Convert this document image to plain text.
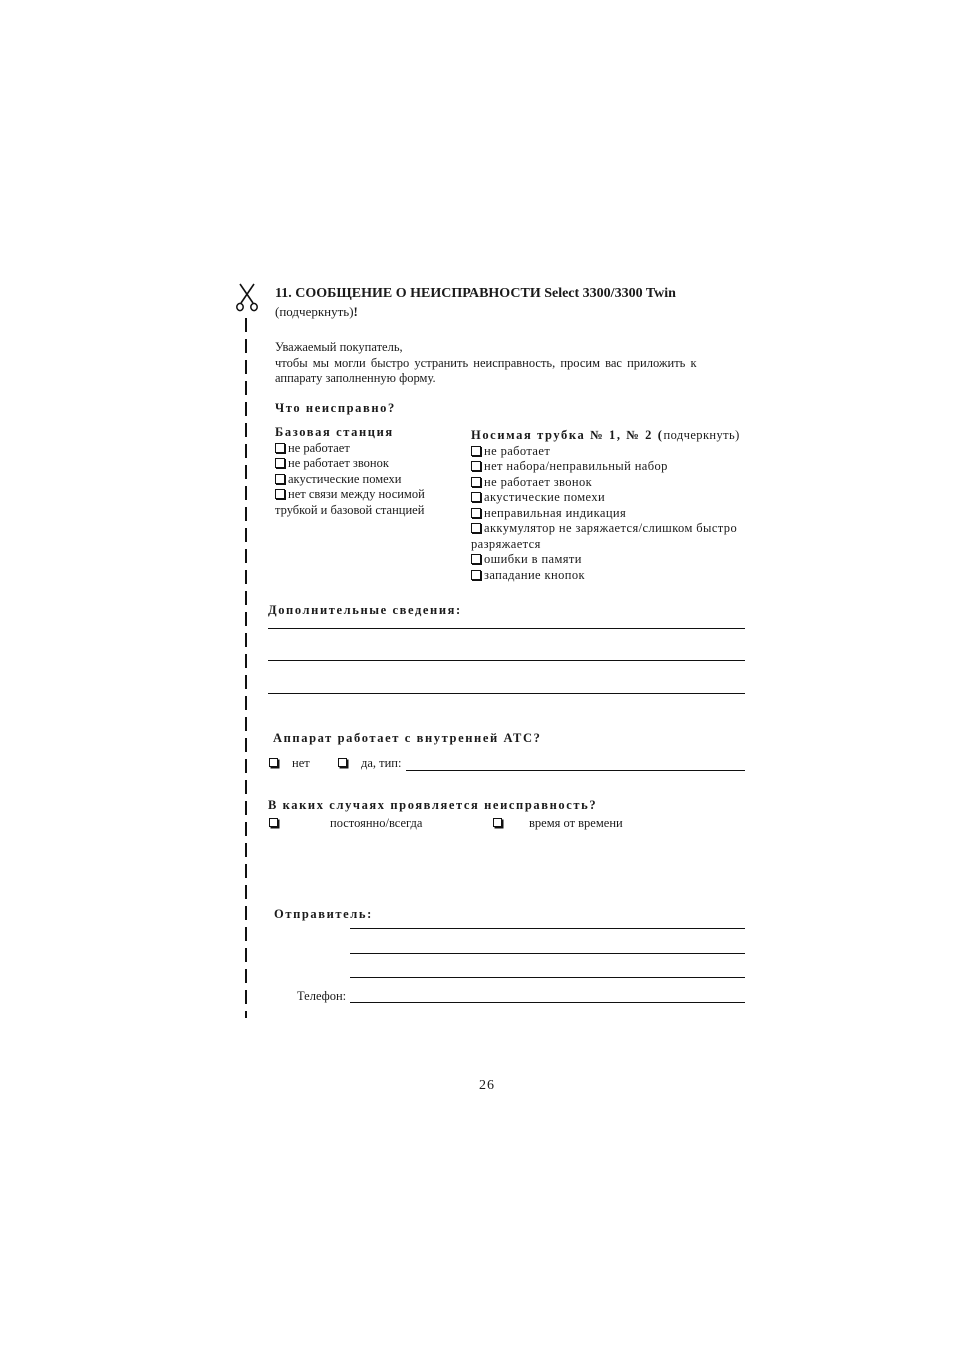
11. СООБЩЕНИЕ О НЕИСПРАВНОСТИ Select 3300/3300 Twin
(подчеркнуть)!
Уважаемый покупатель,
чтобы мы могли быстро устранить неисправность, просим вас приложить к
аппарату заполненную форму.
Что неисправно?
Базовая станция
не работает
не работает звонок
акустические помехи
нет связи между носимой
трубкой и базовой станцией
Носимая трубка № 1, № 2 (подчеркнуть)
не работает
нет набора/неправильный набор
не работает звонок
акустические помехи
неправильная индикация
аккумулятор не заряжается/слишком быстро
разряжается
ошибки в памяти
западание кнопок
Дополнительные сведения:
Аппарат работает с внутренней АТС?
нет	да, тип:
В каких случаях проявляется неисправность?
постоянно/всегда	время от времени
Отправитель:
Телефон:
26
